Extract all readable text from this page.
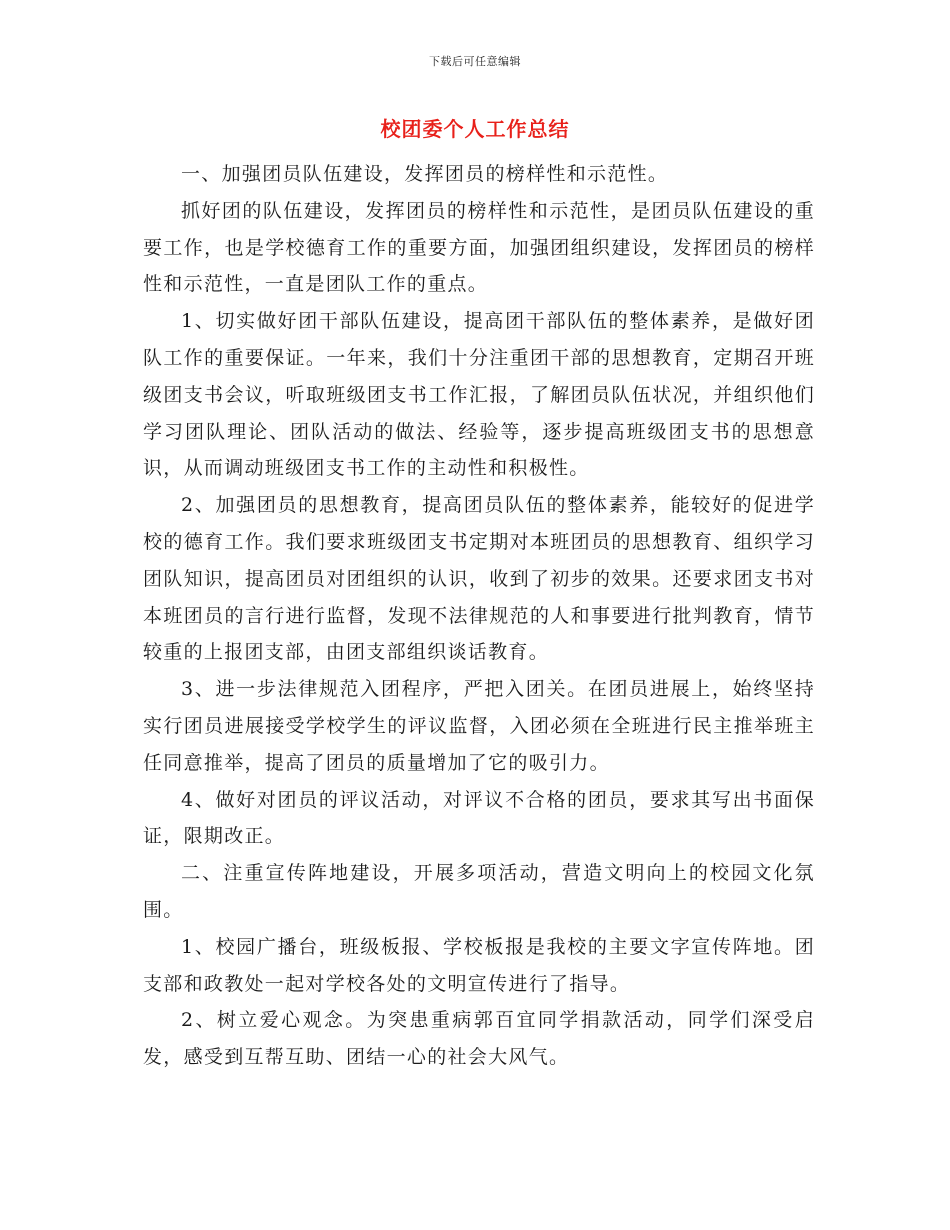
下载后可任意编辑
校团委个人工作总结

一、加强团员队伍建设，发挥团员的榜样性和示范性。

抓好团的队伍建设，发挥团员的榜样性和示范性，是团员队伍建设的重要工作，也是学校德育工作的重要方面，加强团组织建设，发挥团员的榜样性和示范性，一直是团队工作的重点。

1、切实做好团干部队伍建设，提高团干部队伍的整体素养，是做好团队工作的重要保证。一年来，我们十分注重团干部的思想教育，定期召开班级团支书会议，听取班级团支书工作汇报，了解团员队伍状况，并组织他们学习团队理论、团队活动的做法、经验等，逐步提高班级团支书的思想意识，从而调动班级团支书工作的主动性和积极性。

2、加强团员的思想教育，提高团员队伍的整体素养，能较好的促进学校的德育工作。我们要求班级团支书定期对本班团员的思想教育、组织学习团队知识，提高团员对团组织的认识，收到了初步的效果。还要求团支书对本班团员的言行进行监督，发现不法律规范的人和事要进行批判教育，情节较重的上报团支部，由团支部组织谈话教育。

3、进一步法律规范入团程序，严把入团关。在团员进展上，始终坚持实行团员进展接受学校学生的评议监督，入团必须在全班进行民主推举班主任同意推举，提高了团员的质量增加了它的吸引力。

4、做好对团员的评议活动，对评议不合格的团员，要求其写出书面保证，限期改正。

二、注重宣传阵地建设，开展多项活动，营造文明向上的校园文化氛围。

1、校园广播台，班级板报、学校板报是我校的主要文字宣传阵地。团支部和政教处一起对学校各处的文明宣传进行了指导。

2、树立爱心观念。为突患重病郭百宜同学捐款活动，同学们深受启发，感受到互帮互助、团结一心的社会大风气。
